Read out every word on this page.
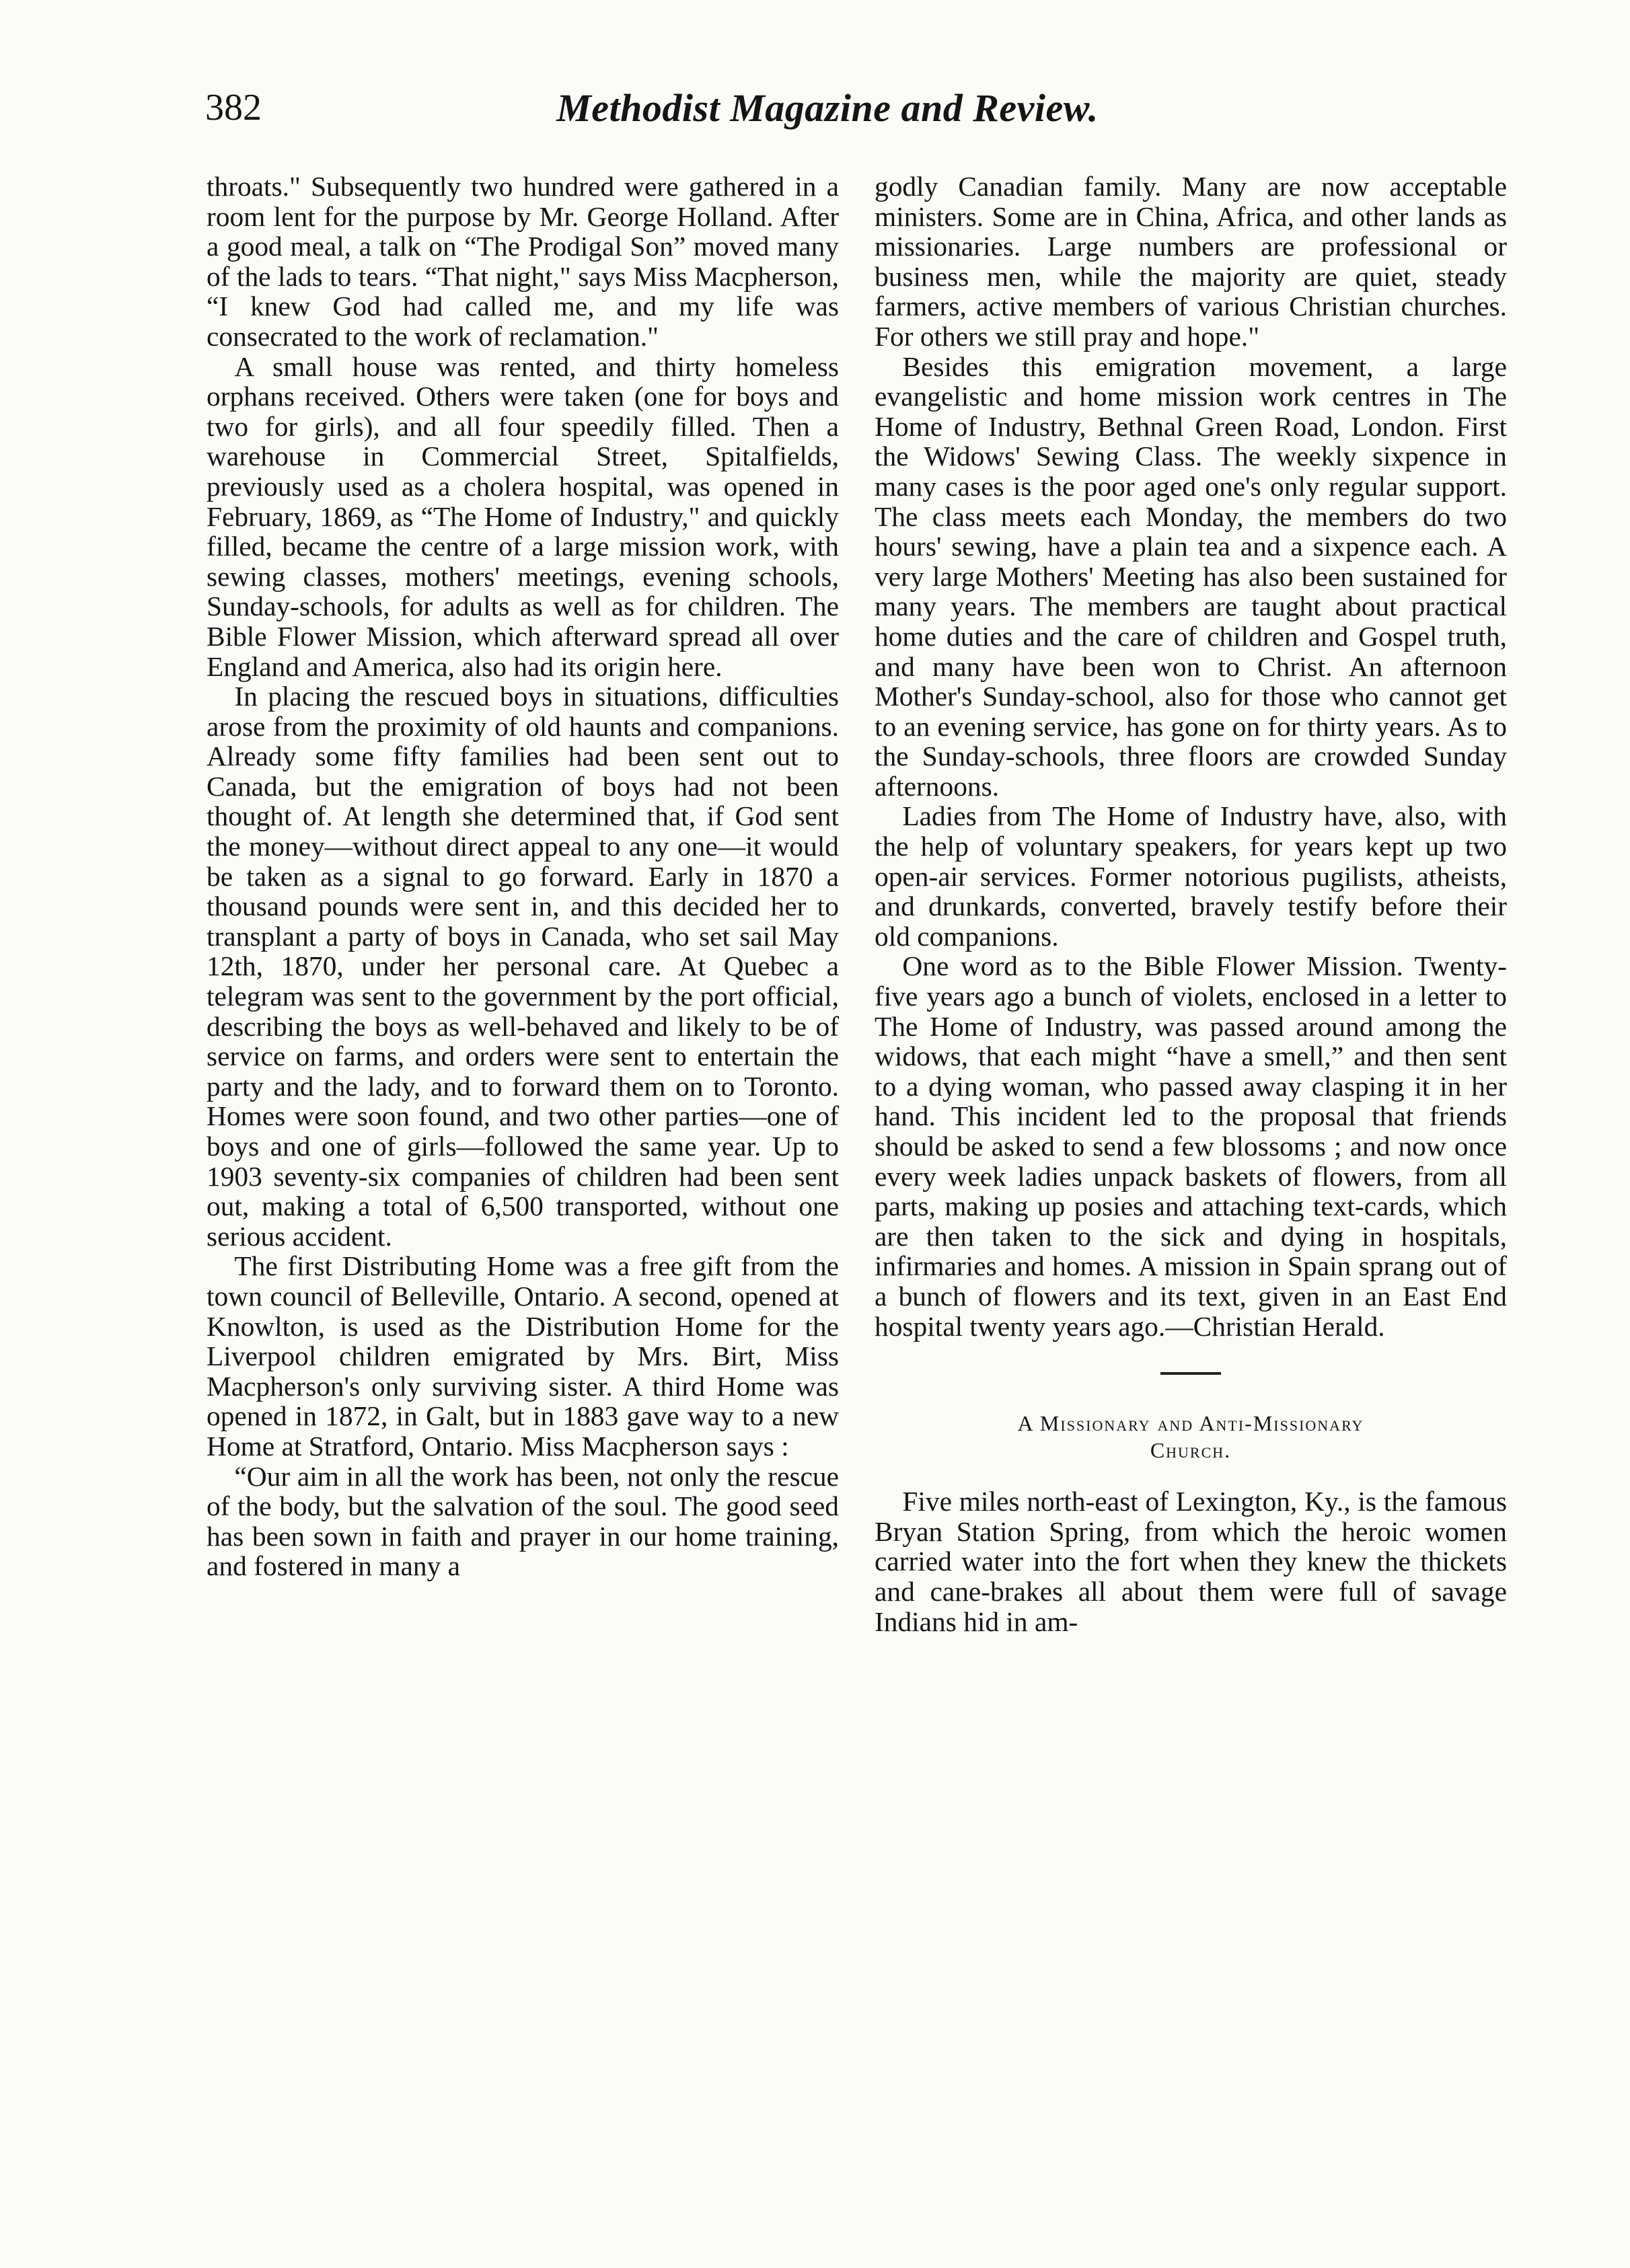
382	Methodist Magazine and Review.

throats." Subsequently two hundred were gathered in a room lent for the purpose by Mr. George Holland. After a good meal, a talk on “The Prodigal Son” moved many of the lads to tears. “That night," says Miss Macpherson, “I knew God had called me, and my life was consecrated to the work of reclamation."

 A small house was rented, and thirty homeless orphans received. Others were taken (one for boys and two for girls), and all four speedily filled. Then a warehouse in Commercial Street, Spitalfields, previously used as a cholera hospital, was opened in February, 1869, as “The Home of Industry," and quickly filled, became the centre of a large mission work, with sewing classes, mothers' meetings, evening schools, Sunday-schools, for adults as well as for children. The Bible Flower Mission, which afterward spread all over England and America, also had its origin here.

 In placing the rescued boys in situations, difficulties arose from the proximity of old haunts and companions. Already some fifty families had been sent out to Canada, but the emigration of boys had not been thought of. At length she determined that, if God sent the money—without direct appeal to any one—it would be taken as a signal to go forward. Early in 1870 a thousand pounds were sent in, and this decided her to transplant a party of boys in Canada, who set sail May 12th, 1870, under her personal care. At Quebec a telegram was sent to the government by the port official, describing the boys as well-behaved and likely to be of service on farms, and orders were sent to entertain the party and the lady, and to forward them on to Toronto. Homes were soon found, and two other parties—one of boys and one of girls—followed the same year. Up to 1903 seventy-six companies of children had been sent out, making a total of 6,500 transported, without one serious accident.

 The first Distributing Home was a free gift from the town council of Belleville, Ontario. A second, opened at Knowlton, is used as the Distribution Home for the Liverpool children emigrated by Mrs. Birt, Miss Macpherson's only surviving sister. A third Home was opened in 1872, in Galt, but in 1883 gave way to a new Home at Stratford, Ontario. Miss Macpherson says :

 “Our aim in all the work has been, not only the rescue of the body, but the salvation of the soul. The good seed has been sown in faith and prayer in our home training, and fostered in many a

godly Canadian family. Many are now acceptable ministers. Some are in China, Africa, and other lands as missionaries. Large numbers are professional or business men, while the majority are quiet, steady farmers, active members of various Christian churches. For others we still pray and hope."

 Besides this emigration movement, a large evangelistic and home mission work centres in The Home of Industry, Bethnal Green Road, London. First the Widows' Sewing Class. The weekly sixpence in many cases is the poor aged one's only regular support. The class meets each Monday, the members do two hours' sewing, have a plain tea and a sixpence each. A very large Mothers' Meeting has also been sustained for many years. The members are taught about practical home duties and the care of children and Gospel truth, and many have been won to Christ. An afternoon Mother's Sunday-school, also for those who cannot get to an evening service, has gone on for thirty years. As to the Sunday-schools, three floors are crowded Sunday afternoons.

 Ladies from The Home of Industry have, also, with the help of voluntary speakers, for years kept up two open-air services. Former notorious pugilists, atheists, and drunkards, converted, bravely testify before their old companions.

 One word as to the Bible Flower Mission. Twenty-five years ago a bunch of violets, enclosed in a letter to The Home of Industry, was passed around among the widows, that each might “have a smell,” and then sent to a dying woman, who passed away clasping it in her hand. This incident led to the proposal that friends should be asked to send a few blossoms ; and now once every week ladies unpack baskets of flowers, from all parts, making up posies and attaching text-cards, which are then taken to the sick and dying in hospitals, infirmaries and homes. A mission in Spain sprang out of a bunch of flowers and its text, given in an East End hospital twenty years ago.—Christian Herald.

A Missionary and Anti-Missionary
Church.

 Five miles north-east of Lexington, Ky., is the famous Bryan Station Spring, from which the heroic women carried water into the fort when they knew the thickets and cane-brakes all about them were full of savage Indians hid in am-
